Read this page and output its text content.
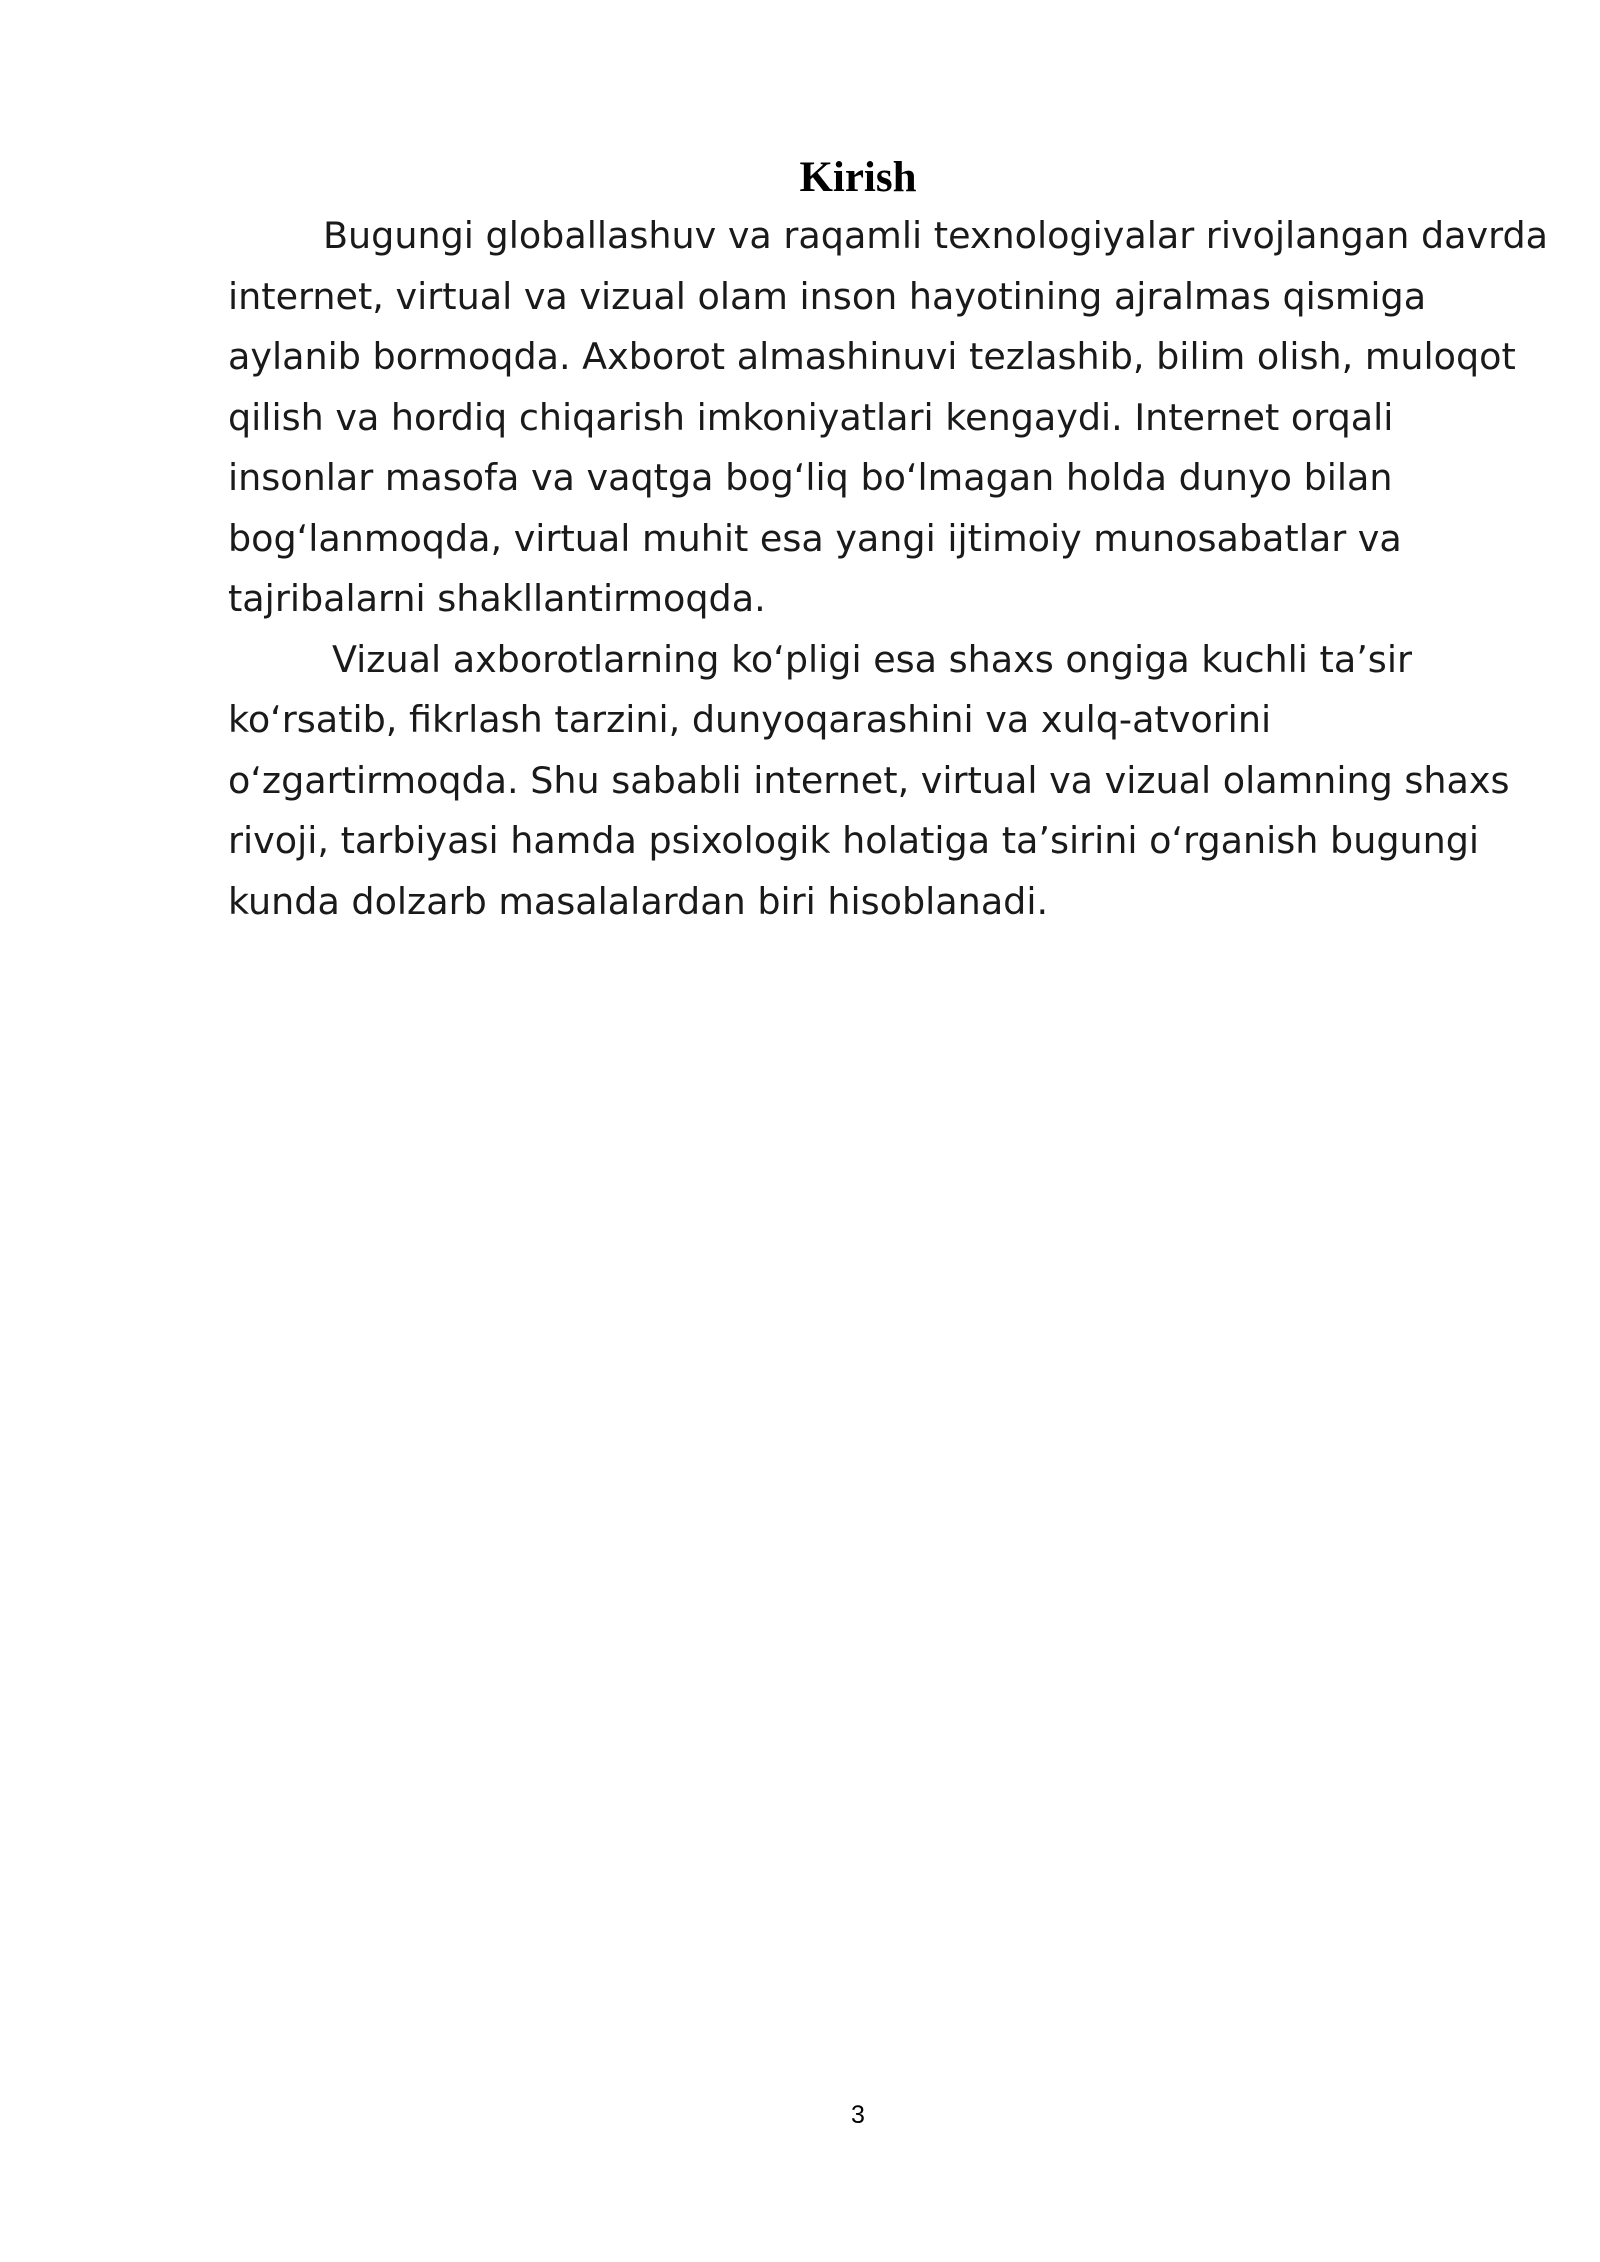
Kirish

Bugungi globallashuv va raqamli texnologiyalar rivojlangan davrda
internet, virtual va vizual olam inson hayotining ajralmas qismiga
aylanib bormoqda. Axborot almashinuvi tezlashib, bilim olish, muloqot
qilish va hordiq chiqarish imkoniyatlari kengaydi. Internet orqali
insonlar masofa va vaqtga bogʻliq boʻlmagan holda dunyo bilan
bogʻlanmoqda, virtual muhit esa yangi ijtimoiy munosabatlar va
tajribalarni shakllantirmoqda.

Vizual axborotlarning koʻpligi esa shaxs ongiga kuchli taʼsir
koʻrsatib, fikrlash tarzini, dunyoqarashini va xulq-atvorini
oʻzgartirmoqda. Shu sababli internet, virtual va vizual olamning shaxs
rivoji, tarbiyasi hamda psixologik holatiga taʼsirini oʻrganish bugungi
kunda dolzarb masalalardan biri hisoblanadi.

3
